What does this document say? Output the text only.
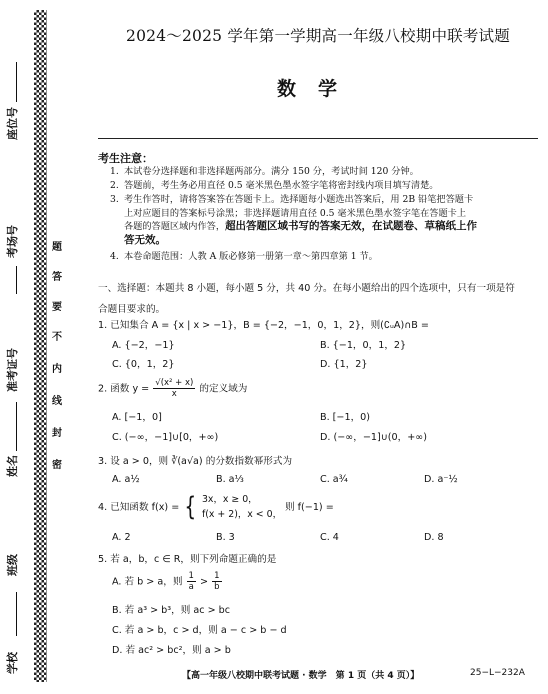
班级
姓名
考场号
座位号
学校
准考证号
题
答
要
不
内
线
封
密
2024～2025 学年第一学期高一年级八校期中联考试题
数学
考生注意：
1. 本试卷分选择题和非选择题两部分。满分 150 分，考试时间 120 分钟。
2. 答题前，考生务必用直径 0.5 毫米黑色墨水签字笔将密封线内项目填写清楚。
3. 考生作答时，请将答案答在答题卡上。选择题每小题选出答案后，用 2B 铅笔把答题卡
上对应题目的答案标号涂黑；非选择题请用直径 0.5 毫米黑色墨水签字笔在答题卡上
各题的答题区域内作答，超出答题区域书写的答案无效，在试题卷、草稿纸上作
答无效。
4. 本卷命题范围：人教 A 版必修第一册第一章～第四章第 1 节。
一、选择题：本题共 8 小题，每小题 5 分，共 40 分。在每小题给出的四个选项中，只有一项是符
合题目要求的。
1. 已知集合 A = {x | x > −1}，B = {−2，−1，0，1，2}，则(∁ᵤA)∩B =
A. {−2，−1}	B. {−1，0，1，2}
C. {0，1，2}	D. {1，2}
2. 函数 $y = \frac{\text{√(x² + x)}}{x}$ 的定义域为
A. [−1，0]	B. [−1，0)
C. (−∞，−1]∪[0，+∞)	D. (−∞，−1]∪(0，+∞)
3. 设 a > 0，则 ∛(a√a) 的分数指数幂形式为
A. a½	B. a⅓	C. a¾	D. a⁻½
4. 已知函数 f(x) = { 3x，x ≥ 0，
f(x + 2)，x < 0，
则 f(−1) =
A. 2	B. 3	C. 4	D. 8
5. 若 a，b，c ∈ R，则下列命题正确的是
A. 若 b > a，则 $\frac{1}{a} > \frac{1}{b}$
B. 若 a³ > b³，则 ac > bc
C. 若 a > b，c > d，则 a − c > b − d
D. 若 ac² > bc²，则 a > b
【高一年级八校期中联考试题 · 数学　第 1 页（共 4 页）】	25−L−232A
